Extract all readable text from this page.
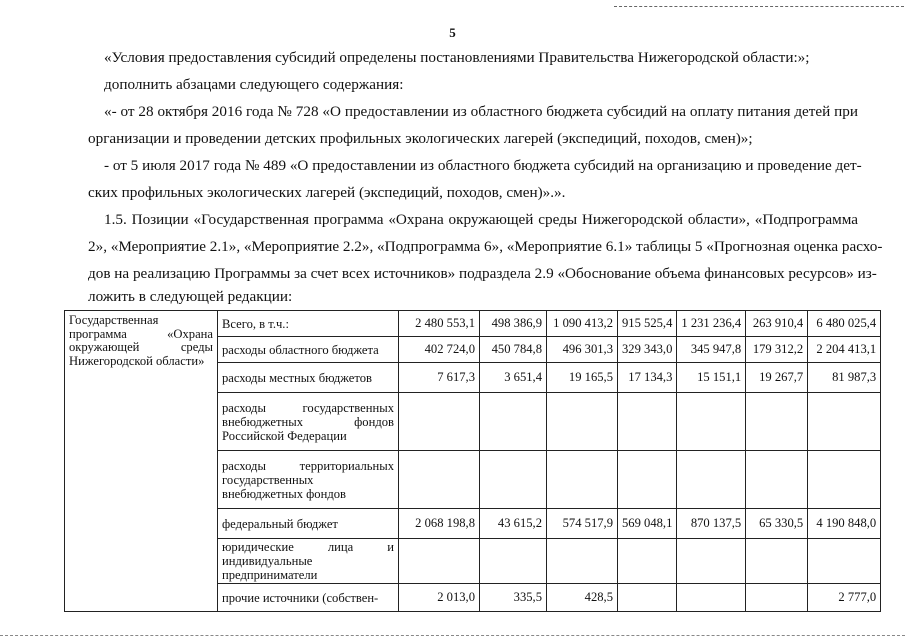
5
«Условия предоставления субсидий определены постановлениями Правительства Нижегородской области:»;
дополнить абзацами следующего содержания:
«- от 28 октября 2016 года № 728 «О предоставлении из областного бюджета субсидий на оплату питания детей при
организации и проведении детских профильных экологических лагерей (экспедиций, походов, смен)»;
- от 5 июля 2017 года № 489 «О предоставлении из областного бюджета субсидий на организацию и проведение дет-
ских профильных экологических лагерей (экспедиций, походов, смен)».».
1.5. Позиции «Государственная программа «Охрана окружающей среды Нижегородской области», «Подпрограмма
2», «Мероприятие 2.1», «Мероприятие 2.2», «Подпрограмма 6», «Мероприятие 6.1» таблицы 5 «Прогнозная оценка расхо-
дов на реализацию Программы за счет всех источников» подраздела 2.9 «Обоснование объема финансовых ресурсов» из-
ложить в следующей редакции:
Государственная программа «Охрана окружающей среды Нижегородской области»	Всего, в т.ч.:	2 480 553,1	498 386,9	1 090 413,2	915 525,4	1 231 236,4	263 910,4	6 480 025,4
	расходы областного бюджета	402 724,0	450 784,8	496 301,3	329 343,0	345 947,8	179 312,2	2 204 413,1
	расходы местных бюджетов	7 617,3	3 651,4	19 165,5	17 134,3	15 151,1	19 267,7	81 987,3
	расходы государственных внебюджетных фондов Российской Федерации							
	расходы территориальных государственных внебюджетных фондов							
	федеральный бюджет	2 068 198,8	43 615,2	574 517,9	569 048,1	870 137,5	65 330,5	4 190 848,0
	юридические лица и индивидуальные предприниматели							
	прочие источники (собствен-	2 013,0	335,5	428,5				2 777,0
